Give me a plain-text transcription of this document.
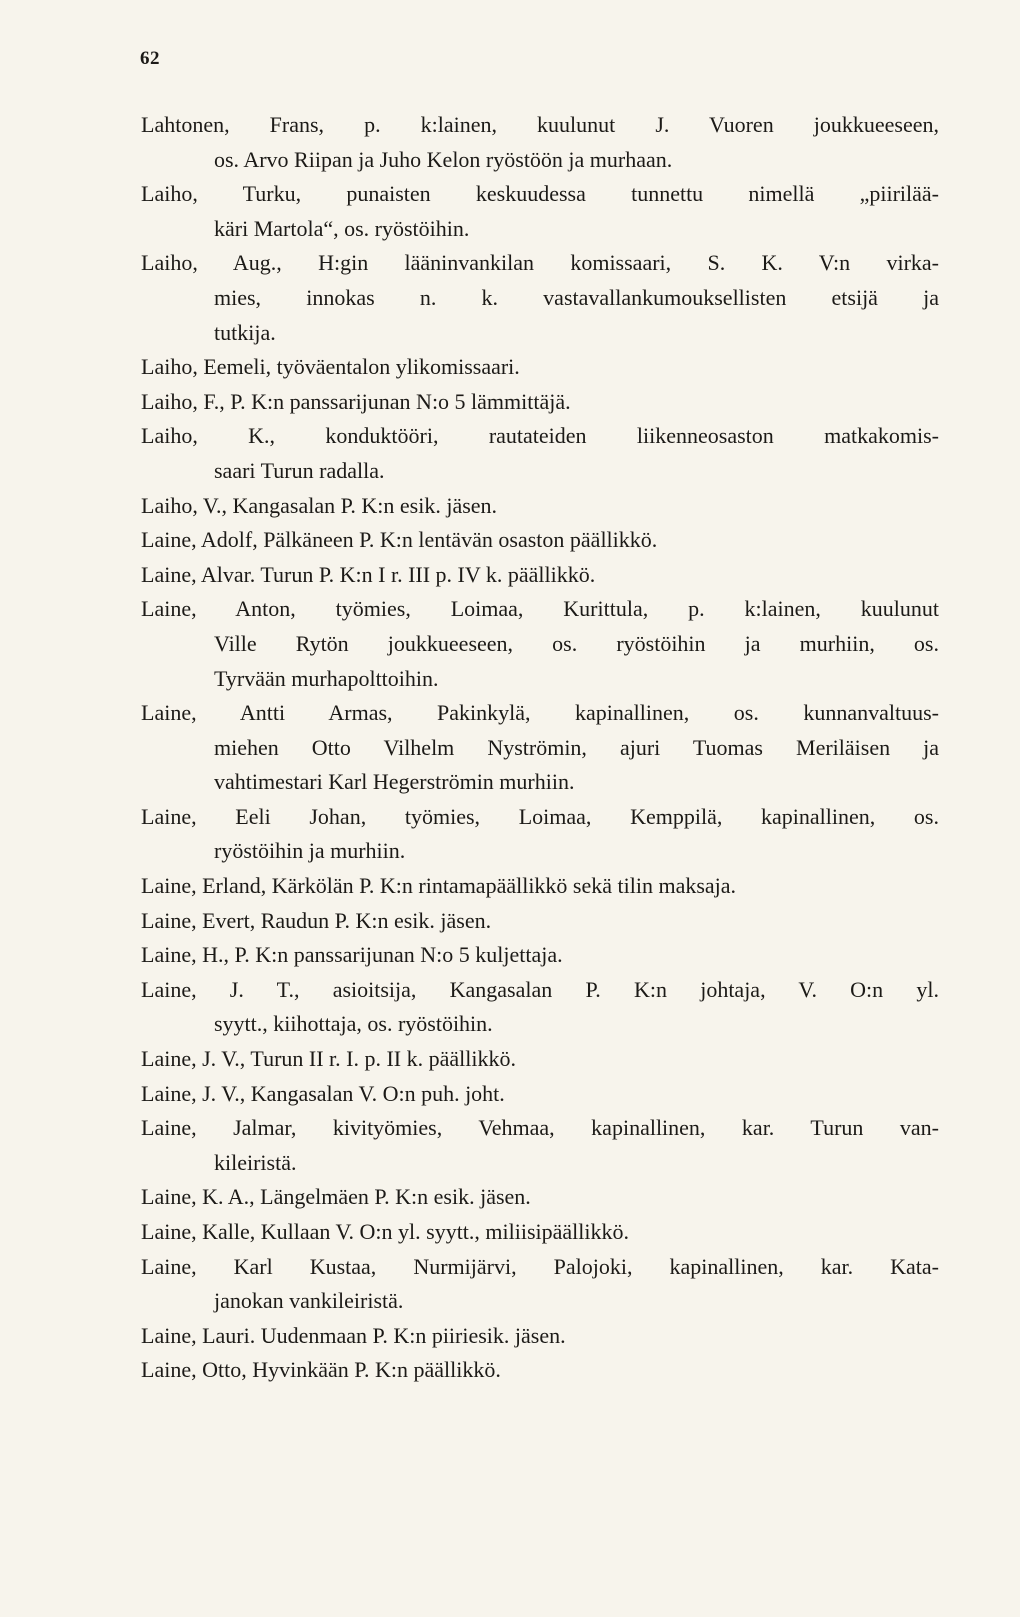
62
Lahtonen, Frans, p. k:lainen, kuulunut J. Vuoren joukkueeseen,
os. Arvo Riipan ja Juho Kelon ryöstöön ja murhaan.
Laiho, Turku, punaisten keskuudessa tunnettu nimellä „piirilää-
käri Martola“, os. ryöstöihin.
Laiho, Aug., H:gin lääninvankilan komissaari, S. K. V:n virka-
mies, innokas n. k. vastavallankumouksellisten etsijä ja
tutkija.
Laiho, Eemeli, työväentalon ylikomissaari.
Laiho, F., P. K:n panssarijunan N:o 5 lämmittäjä.
Laiho, K., konduktööri, rautateiden liikenneosaston matkakomis-
saari Turun radalla.
Laiho, V., Kangasalan P. K:n esik. jäsen.
Laine, Adolf, Pälkäneen P. K:n lentävän osaston päällikkö.
Laine, Alvar. Turun P. K:n I r. III p. IV k. päällikkö.
Laine, Anton, työmies, Loimaa, Kurittula, p. k:lainen, kuulunut
Ville Rytön joukkueeseen, os. ryöstöihin ja murhiin, os.
Tyrvään murhapolttoihin.
Laine, Antti Armas, Pakinkylä, kapinallinen, os. kunnanvaltuus-
miehen Otto Vilhelm Nyströmin, ajuri Tuomas Meriläisen ja
vahtimestari Karl Hegerströmin murhiin.
Laine, Eeli Johan, työmies, Loimaa, Kemppilä, kapinallinen, os.
ryöstöihin ja murhiin.
Laine, Erland, Kärkölän P. K:n rintamapäällikkö sekä tilin maksaja.
Laine, Evert, Raudun P. K:n esik. jäsen.
Laine, H., P. K:n panssarijunan N:o 5 kuljettaja.
Laine, J. T., asioitsija, Kangasalan P. K:n johtaja, V. O:n yl.
syytt., kiihottaja, os. ryöstöihin.
Laine, J. V., Turun II r. I. p. II k. päällikkö.
Laine, J. V., Kangasalan V. O:n puh. joht.
Laine, Jalmar, kivityömies, Vehmaa, kapinallinen, kar. Turun van-
kileiristä.
Laine, K. A., Längelmäen P. K:n esik. jäsen.
Laine, Kalle, Kullaan V. O:n yl. syytt., miliisipäällikkö.
Laine, Karl Kustaa, Nurmijärvi, Palojoki, kapinallinen, kar. Kata-
janokan vankileiristä.
Laine, Lauri. Uudenmaan P. K:n piiriesik. jäsen.
Laine, Otto, Hyvinkään P. K:n päällikkö.
